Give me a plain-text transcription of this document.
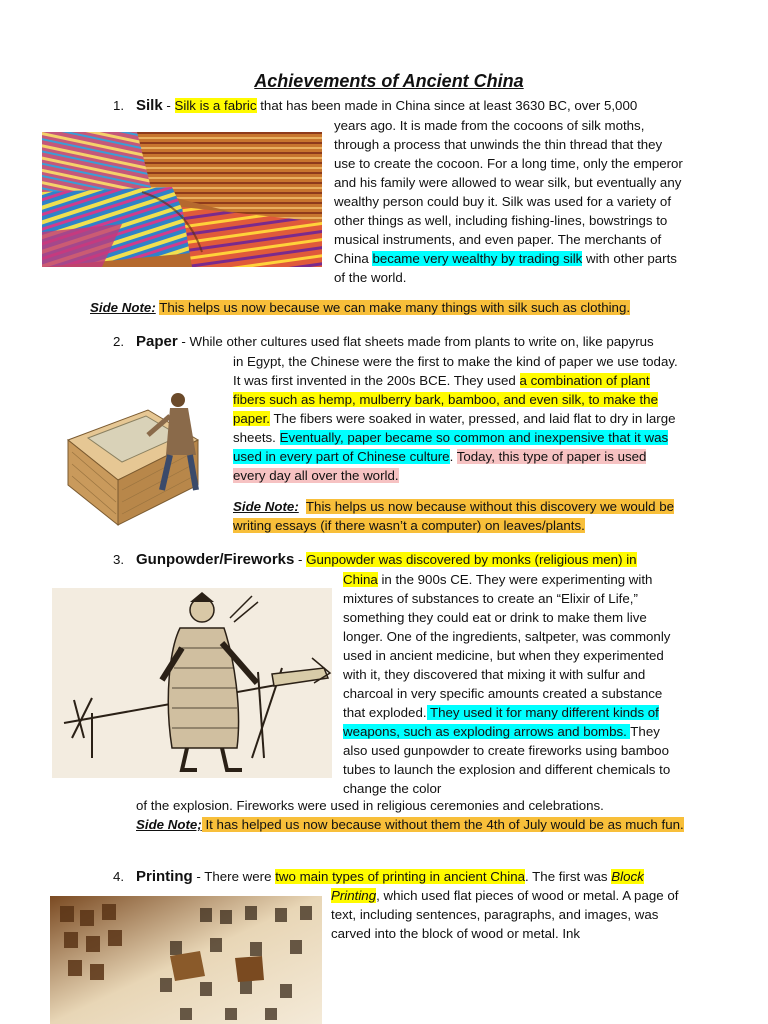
Achievements of Ancient China
1. Silk - Silk is a fabric that has been made in China since at least 3630 BC, over 5,000
years ago. It is made from the cocoons of silk moths, through a process that unwinds the thin thread that they use to create the cocoon. For a long time, only the emperor and his family were allowed to wear silk, but eventually any wealthy person could buy it. Silk was used for a variety of other things as well, including fishing-lines, bowstrings to musical instruments, and even paper. The merchants of China became very wealthy by trading silk with other parts of the world.
Side Note: This helps us now because we can make many things with silk such as clothing.
2. Paper - While other cultures used flat sheets made from plants to write on, like papyrus
in Egypt, the Chinese were the first to make the kind of paper we use today. It was first invented in the 200s BCE. They used a combination of plant fibers such as hemp, mulberry bark, bamboo, and even silk, to make the paper. The fibers were soaked in water, pressed, and laid flat to dry in large sheets. Eventually, paper became so common and inexpensive that it was used in every part of Chinese culture. Today, this type of paper is used every day all over the world.
Side Note: This helps us now because without this discovery we would be writing essays (if there wasn’t a computer) on leaves/plants.
3. Gunpowder/Fireworks - Gunpowder was discovered by monks (religious men) in
China in the 900s CE. They were experimenting with mixtures of substances to create an “Elixir of Life,” something they could eat or drink to make them live longer. One of the ingredients, saltpeter, was commonly used in ancient medicine, but when they experimented with it, they discovered that mixing it with sulfur and charcoal in very specific amounts created a substance that exploded. They used it for many different kinds of weapons, such as exploding arrows and bombs. They also used gunpowder to create fireworks using bamboo tubes to launch the explosion and different chemicals to change the color
of the explosion. Fireworks were used in religious ceremonies and celebrations.
Side Note; It has helped us now because without them the 4th of July would be as much fun.
4. Printing - There were two main types of printing in ancient China. The first was Block
Printing, which used flat pieces of wood or metal. A page of text, including sentences, paragraphs, and images, was carved into the block of wood or metal. Ink
